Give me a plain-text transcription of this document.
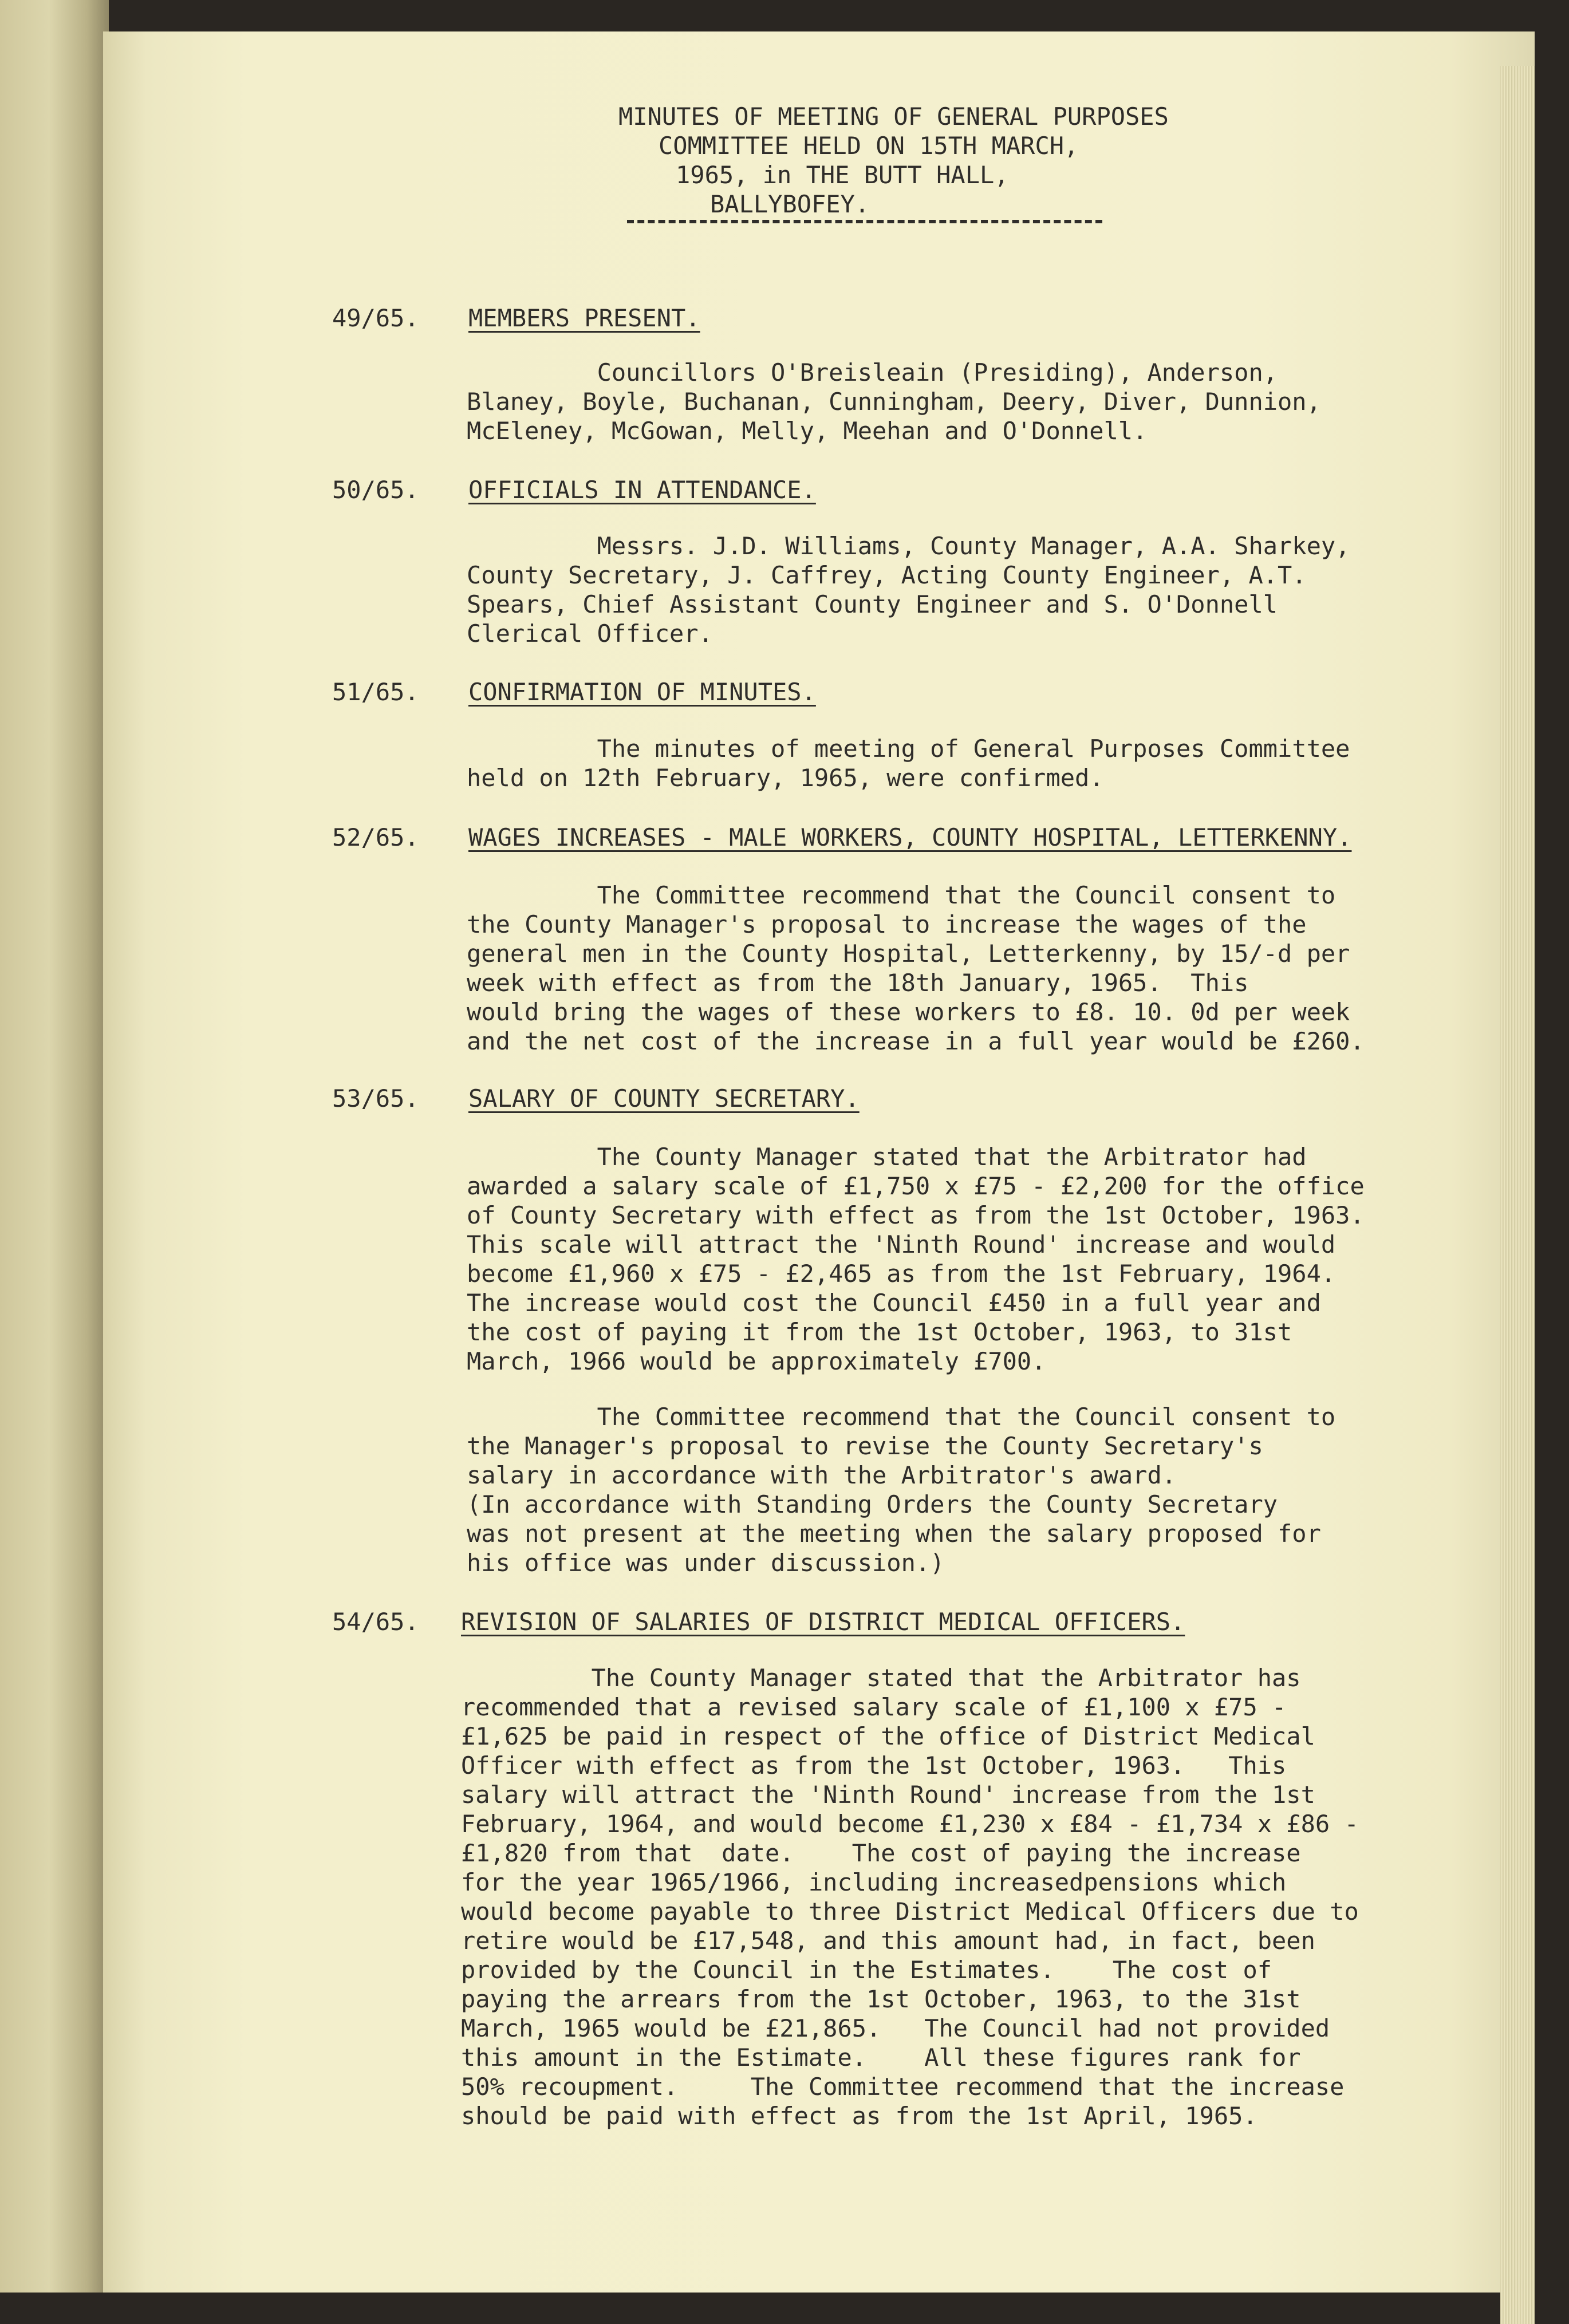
MINUTES OF MEETING OF GENERAL PURPOSES
COMMITTEE HELD ON 15TH MARCH,
1965, in THE BUTT HALL,
BALLYBOFEY.
49/65. MEMBERS PRESENT.
Councillors O'Breisleain (Presiding), Anderson,
Blaney, Boyle, Buchanan, Cunningham, Deery, Diver, Dunnion,
McEleney, McGowan, Melly, Meehan and O'Donnell.
50/65. OFFICIALS IN ATTENDANCE.
Messrs. J.D. Williams, County Manager, A.A. Sharkey,
County Secretary, J. Caffrey, Acting County Engineer, A.T.
Spears, Chief Assistant County Engineer and S. O'Donnell
Clerical Officer.
51/65. CONFIRMATION OF MINUTES.
The minutes of meeting of General Purposes Committee
held on 12th February, 1965, were confirmed.
52/65. WAGES INCREASES - MALE WORKERS, COUNTY HOSPITAL, LETTERKENNY.
The Committee recommend that the Council consent to
the County Manager's proposal to increase the wages of the
general men in the County Hospital, Letterkenny, by 15/-d per
week with effect as from the 18th January, 1965.  This
would bring the wages of these workers to £8. 10. 0d per week
and the net cost of the increase in a full year would be £260.
53/65. SALARY OF COUNTY SECRETARY.
The County Manager stated that the Arbitrator had
awarded a salary scale of £1,750 x £75 - £2,200 for the office
of County Secretary with effect as from the 1st October, 1963.
This scale will attract the 'Ninth Round' increase and would
become £1,960 x £75 - £2,465 as from the 1st February, 1964.
The increase would cost the Council £450 in a full year and
the cost of paying it from the 1st October, 1963, to 31st
March, 1966 would be approximately £700.
The Committee recommend that the Council consent to
the Manager's proposal to revise the County Secretary's
salary in accordance with the Arbitrator's award.
(In accordance with Standing Orders the County Secretary
was not present at the meeting when the salary proposed for
his office was under discussion.)
54/65. REVISION OF SALARIES OF DISTRICT MEDICAL OFFICERS.
The County Manager stated that the Arbitrator has
recommended that a revised salary scale of £1,100 x £75 -
£1,625 be paid in respect of the office of District Medical
Officer with effect as from the 1st October, 1963.   This
salary will attract the 'Ninth Round' increase from the 1st
February, 1964, and would become £1,230 x £84 - £1,734 x £86 -
£1,820 from that  date.    The cost of paying the increase
for the year 1965/1966, including increasedpensions which
would become payable to three District Medical Officers due to
retire would be £17,548, and this amount had, in fact, been
provided by the Council in the Estimates.    The cost of
paying the arrears from the 1st October, 1963, to the 31st
March, 1965 would be £21,865.   The Council had not provided
this amount in the Estimate.    All these figures rank for
50% recoupment.     The Committee recommend that the increase
should be paid with effect as from the 1st April, 1965.
